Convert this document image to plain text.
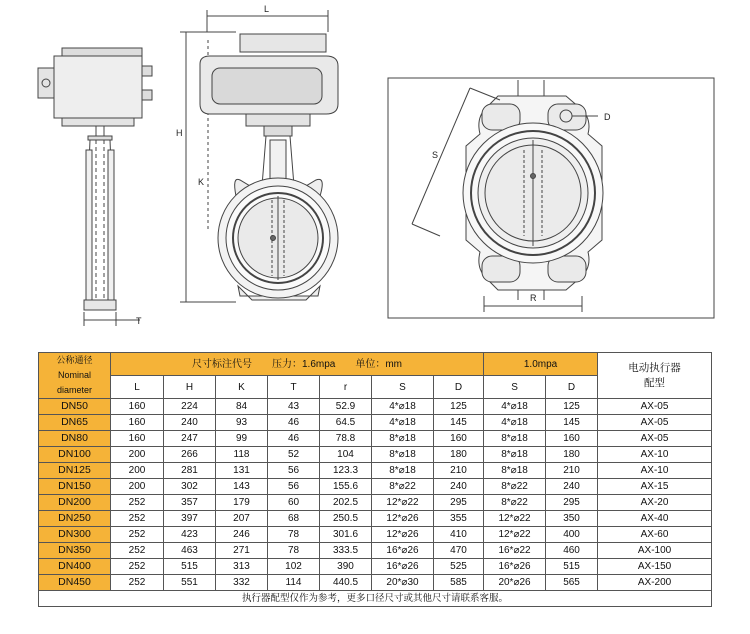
L
H
K
T
D
S
R
公称通径
Nominal
diameter	尺寸标注代号　　压力：1.6mpa　　单位：mm							1.0mpa		电动执行器
配型

	L	H	K	T	r	S	D	S	D	
DN50	160	224	84	43	52.9	4*⌀18	125	4*⌀18	125	AX-05
DN65	160	240	93	46	64.5	4*⌀18	145	4*⌀18	145	AX-05
DN80	160	247	99	46	78.8	8*⌀18	160	8*⌀18	160	AX-05
DN100	200	266	118	52	104	8*⌀18	180	8*⌀18	180	AX-10
DN125	200	281	131	56	123.3	8*⌀18	210	8*⌀18	210	AX-10
DN150	200	302	143	56	155.6	8*⌀22	240	8*⌀22	240	AX-15
DN200	252	357	179	60	202.5	12*⌀22	295	8*⌀22	295	AX-20
DN250	252	397	207	68	250.5	12*⌀26	355	12*⌀22	350	AX-40
DN300	252	423	246	78	301.6	12*⌀26	410	12*⌀22	400	AX-60
DN350	252	463	271	78	333.5	16*⌀26	470	16*⌀22	460	AX-100
DN400	252	515	313	102	390	16*⌀26	525	16*⌀26	515	AX-150
DN450	252	551	332	114	440.5	20*⌀30	585	20*⌀26	565	AX-200
执行器配型仅作为参考，更多口径尺寸或其他尺寸请联系客服。										
